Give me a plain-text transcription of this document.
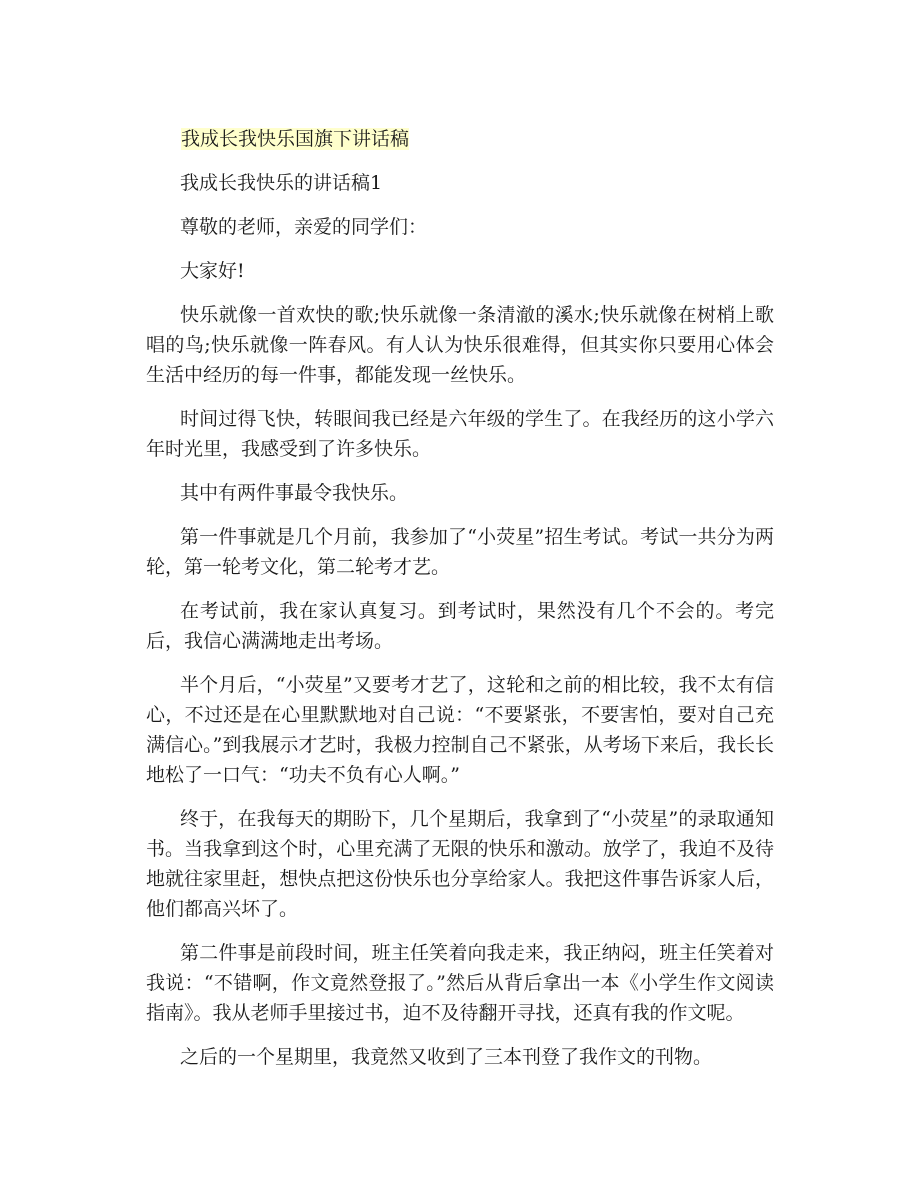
我成长我快乐国旗下讲话稿

我成长我快乐的讲话稿1

尊敬的老师，亲爱的同学们：

大家好!

快乐就像一首欢快的歌;快乐就像一条清澈的溪水;快乐就像在树梢上歌唱的鸟;快乐就像一阵春风。有人认为快乐很难得，但其实你只要用心体会生活中经历的每一件事，都能发现一丝快乐。

时间过得飞快，转眼间我已经是六年级的学生了。在我经历的这小学六年时光里，我感受到了许多快乐。

其中有两件事最令我快乐。

第一件事就是几个月前，我参加了“小荧星”招生考试。考试一共分为两轮，第一轮考文化，第二轮考才艺。

在考试前，我在家认真复习。到考试时，果然没有几个不会的。考完后，我信心满满地走出考场。

半个月后，“小荧星”又要考才艺了，这轮和之前的相比较，我不太有信心，不过还是在心里默默地对自己说：“不要紧张，不要害怕，要对自己充满信心。”到我展示才艺时，我极力控制自己不紧张，从考场下来后，我长长地松了一口气：“功夫不负有心人啊。”

终于，在我每天的期盼下，几个星期后，我拿到了“小荧星”的录取通知书。当我拿到这个时，心里充满了无限的快乐和激动。放学了，我迫不及待地就往家里赶，想快点把这份快乐也分享给家人。我把这件事告诉家人后，他们都高兴坏了。

第二件事是前段时间，班主任笑着向我走来，我正纳闷，班主任笑着对我说：“不错啊，作文竟然登报了。”然后从背后拿出一本《小学生作文阅读指南》。我从老师手里接过书，迫不及待翻开寻找，还真有我的作文呢。

之后的一个星期里，我竟然又收到了三本刊登了我作文的刊物。
